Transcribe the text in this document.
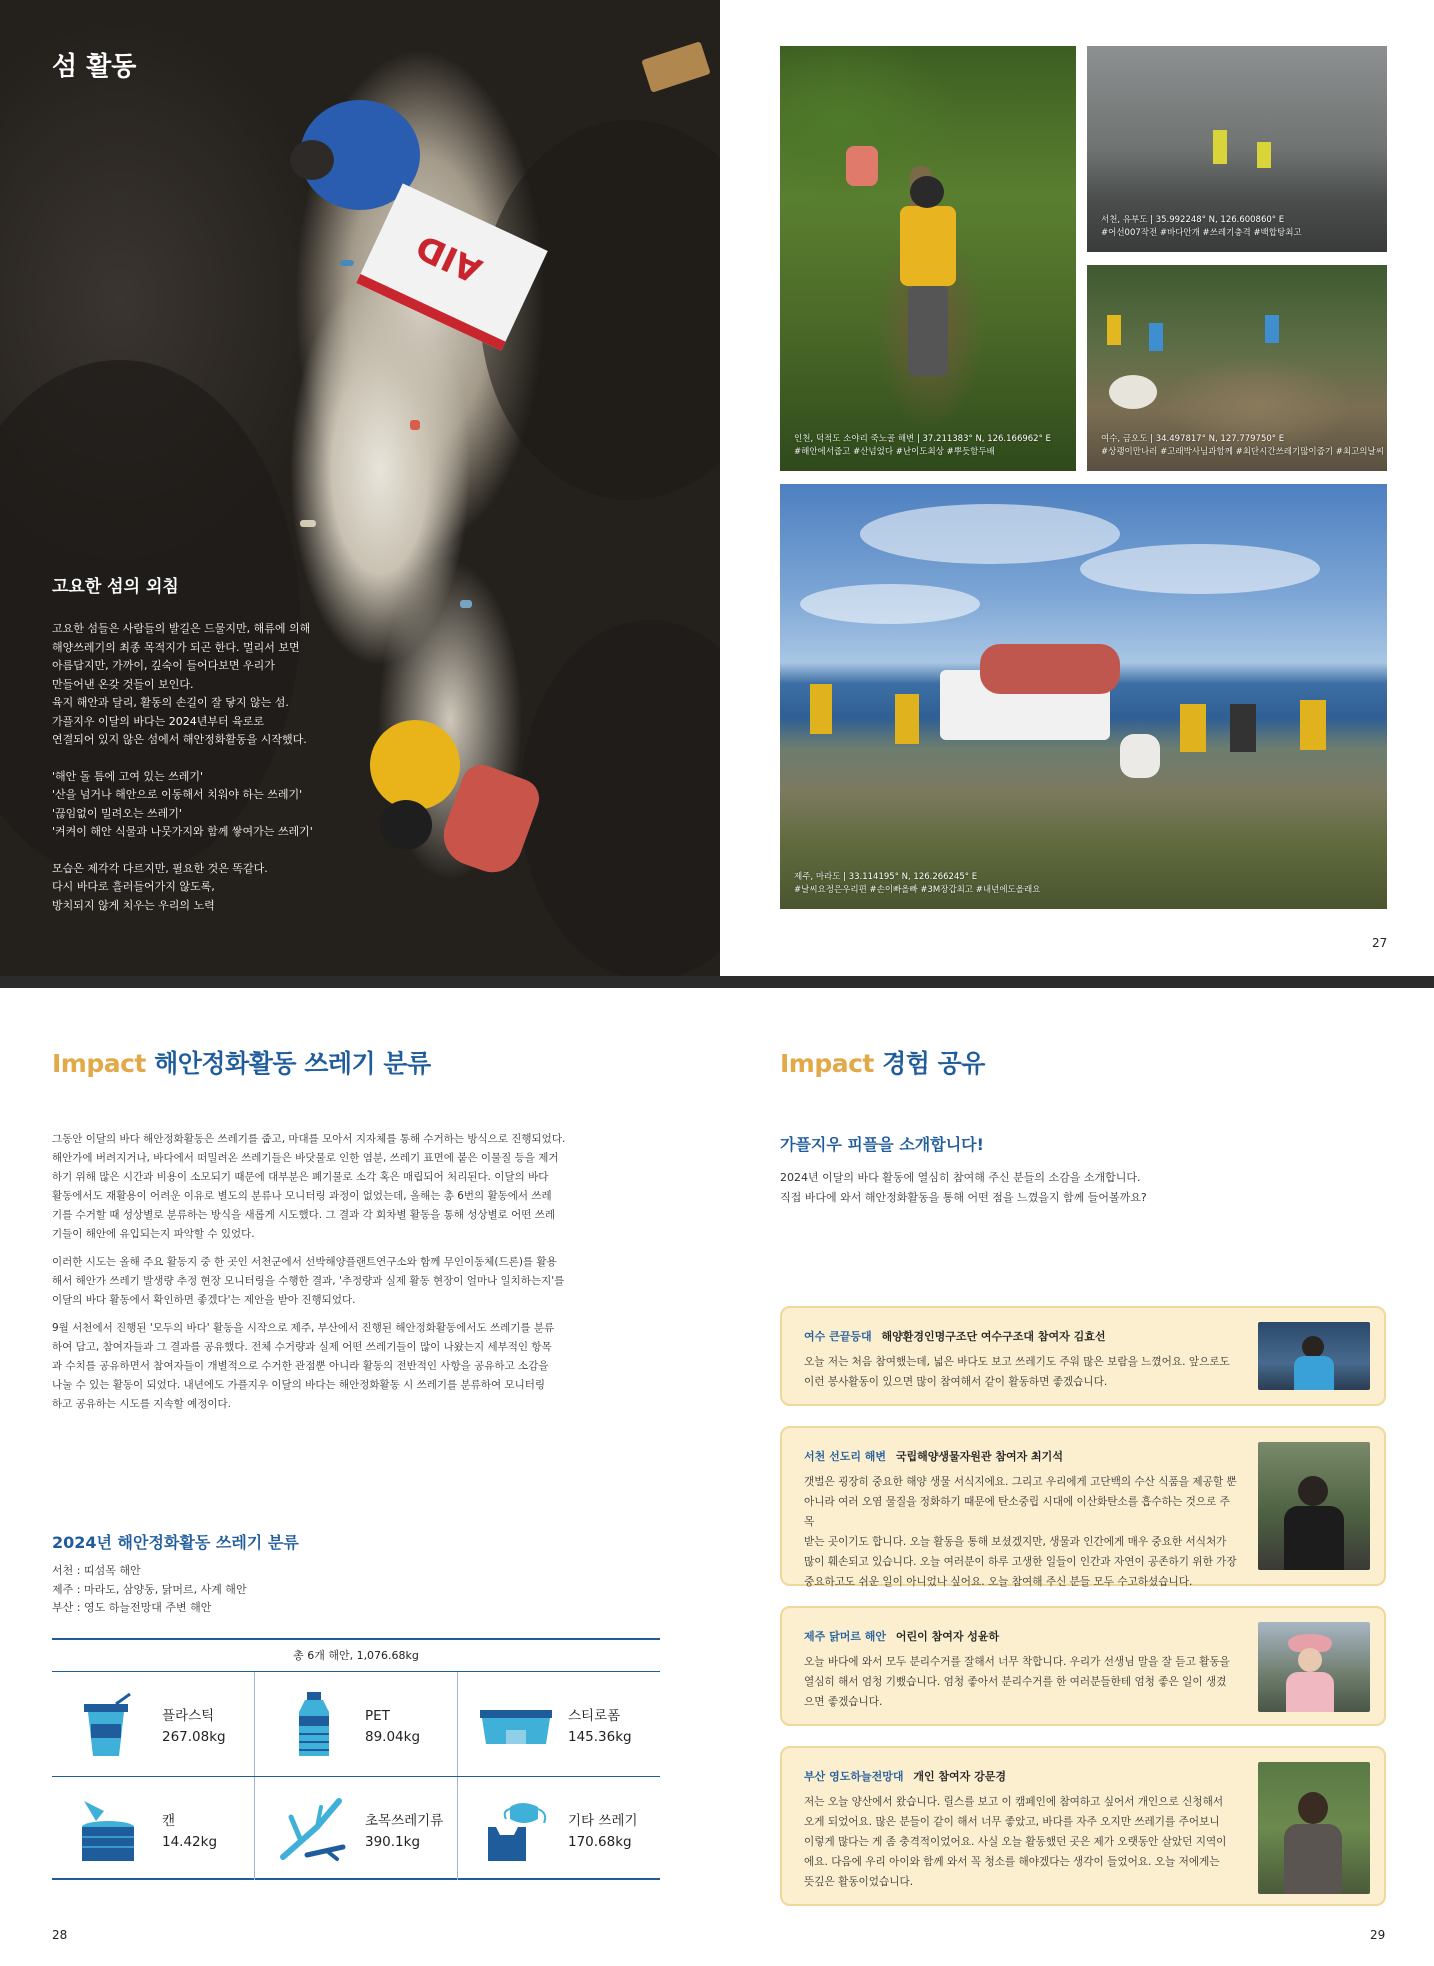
AID
섬 활동
고요한 섬의 외침

고요한 섬들은 사람들의 발길은 드물지만, 해류에 의해
해양쓰레기의 최종 목적지가 되곤 한다. 멀리서 보면
아름답지만, 가까이, 깊숙이 들어다보면 우리가
만들어낸 온갖 것들이 보인다.
육지 해안과 달리, 활동의 손길이 잘 닿지 않는 섬.
가플지우 이달의 바다는 2024년부터 육로로
연결되어 있지 않은 섬에서 해안정화활동을 시작했다.

'해안 돌 틈에 고여 있는 쓰레기'
'산을 넘거나 해안으로 이동해서 치워야 하는 쓰레기'
'끊임없이 밀려오는 쓰레기'
'켜켜이 해안 식물과 나뭇가지와 함께 쌓여가는 쓰레기'

모습은 제각각 다르지만, 필요한 것은 똑같다.
다시 바다로 흘러들어가지 않도록,
방치되지 않게 치우는 우리의 노력

인천, 덕적도 소야리 죽노골 해변 | 37.211383° N, 126.166962° E
#해안에서줍고 #산넘었다 #난이도최상 #뿌듯함두배
서천, 유부도 | 35.992248° N, 126.600860° E
#어선007작전 #바다안개 #쓰레기충격 #백합탕최고
여수, 금오도 | 34.497817° N, 127.779750° E
#상괭이만나러 #고래박사님과함께 #최단시간쓰레기많이줍기 #최고의날씨
제주, 마라도 | 33.114195° N, 126.266245° E
#날씨요정은우리편 #손이빠올빠 #3M장갑최고 #내년에도올래요
27
Impact 해안정화활동 쓰레기 분류

그동안 이달의 바다 해안정화활동은 쓰레기를 줍고, 마대를 모아서 지자체를 통해 수거하는 방식으로 진행되었다.
해안가에 버려지거나, 바다에서 떠밀려온 쓰레기들은 바닷물로 인한 염분, 쓰레기 표면에 붙은 이물질 등을 제거
하기 위해 많은 시간과 비용이 소모되기 때문에 대부분은 폐기물로 소각 혹은 매립되어 처리된다. 이달의 바다
활동에서도 재활용이 어려운 이유로 별도의 분류나 모니터링 과정이 없었는데, 올해는 총 6번의 활동에서 쓰레
기를 수거할 때 성상별로 분류하는 방식을 새롭게 시도했다. 그 결과 각 회차별 활동을 통해 성상별로 어떤 쓰레
기들이 해안에 유입되는지 파악할 수 있었다.

이러한 시도는 올해 주요 활동지 중 한 곳인 서천군에서 선박해양플랜트연구소와 함께 무인이동체(드론)를 활용
해서 해안가 쓰레기 발생량 추정 현장 모니터링을 수행한 결과, '추정량과 실제 활동 현장이 얼마나 일치하는지'를
이달의 바다 활동에서 확인하면 좋겠다'는 제안을 받아 진행되었다.

9월 서천에서 진행된 '모두의 바다' 활동을 시작으로 제주, 부산에서 진행된 해안정화활동에서도 쓰레기를 분류
하여 담고, 참여자들과 그 결과를 공유했다. 전체 수거량과 실제 어떤 쓰레기들이 많이 나왔는지 세부적인 항목
과 수치를 공유하면서 참여자들이 개별적으로 수거한 관점뿐 아니라 활동의 전반적인 사항을 공유하고 소감을
나눌 수 있는 활동이 되었다. 내년에도 가플지우 이달의 바다는 해안정화활동 시 쓰레기를 분류하여 모니터링
하고 공유하는 시도를 지속할 예정이다.

2024년 해안정화활동 쓰레기 분류
서천 : 띠섬목 해안
제주 : 마라도, 삼양동, 닭머르, 사계 해안
부산 : 영도 하늘전망대 주변 해안
총 6개 해안, 1,076.68kg
플라스틱
267.08kg
PET
89.04kg
스티로폼
145.36kg
캔
14.42kg
초목쓰레기류
390.1kg
기타 쓰레기
170.68kg
28
Impact 경험 공유
가플지우 피플을 소개합니다!
2024년 이달의 바다 활동에 열심히 참여해 주신 분들의 소감을 소개합니다.
직접 바다에 와서 해안정화활동을 통해 어떤 점을 느꼈을지 함께 들어볼까요?
여수 큰끝등대 해양환경인명구조단 여수구조대 참여자 김효선
오늘 저는 처음 참여했는데, 넓은 바다도 보고 쓰레기도 주워 많은 보람을 느꼈어요. 앞으로도
이런 봉사활동이 있으면 많이 참여해서 같이 활동하면 좋겠습니다.
서천 선도리 해변 국립해양생물자원관 참여자 최기석
갯벌은 굉장히 중요한 해양 생물 서식지에요. 그리고 우리에게 고단백의 수산 식품을 제공할 뿐
아니라 여러 오염 물질을 정화하기 때문에 탄소중립 시대에 이산화탄소를 흡수하는 것으로 주목
받는 곳이기도 합니다. 오늘 활동을 통해 보셨겠지만, 생물과 인간에게 매우 중요한 서식처가
많이 훼손되고 있습니다. 오늘 여러분이 하루 고생한 일들이 인간과 자연이 공존하기 위한 가장
중요하고도 쉬운 일이 아니었나 싶어요. 오늘 참여해 주신 분들 모두 수고하셨습니다.
제주 닭머르 해안 어린이 참여자 성윤하
오늘 바다에 와서 모두 분리수거를 잘해서 너무 착합니다. 우리가 선생님 말을 잘 듣고 활동을
열심히 해서 엄청 기뻤습니다. 엄청 좋아서 분리수거를 한 여러분들한테 엄청 좋은 일이 생겼
으면 좋겠습니다.
부산 영도하늘전망대 개인 참여자 강문경
저는 오늘 양산에서 왔습니다. 릴스를 보고 이 캠페인에 참여하고 싶어서 개인으로 신청해서
오게 되었어요. 많은 분들이 같이 해서 너무 좋았고, 바다를 자주 오지만 쓰레기를 주어보니
이렇게 많다는 게 좀 충격적이었어요. 사실 오늘 활동했던 곳은 제가 오랫동안 살았던 지역이
에요. 다음에 우리 아이와 함께 와서 꼭 청소를 해야겠다는 생각이 들었어요. 오늘 저에게는
뜻깊은 활동이었습니다.
29
